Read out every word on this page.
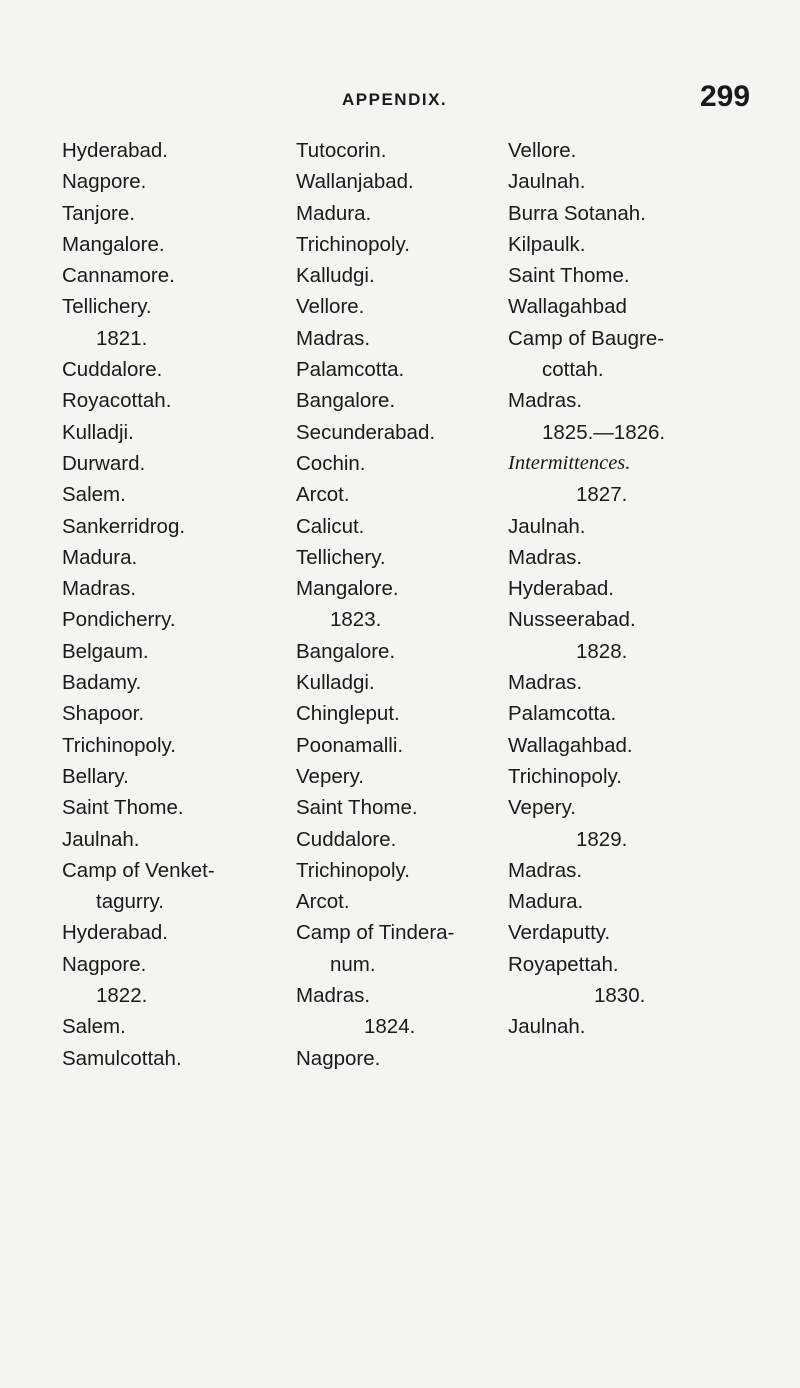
APPENDIX.	299
Hyderabad.
Nagpore.
Tanjore.
Mangalore.
Cannamore.
Tellichery.
1821.
Cuddalore.
Royacottah.
Kulladji.
Durward.
Salem.
Sankerridrog.
Madura.
Madras.
Pondicherry.
Belgaum.
Badamy.
Shapoor.
Trichinopoly.
Bellary.
Saint Thome.
Jaulnah.
Camp of Venket-
tagurry.
Hyderabad.
Nagpore.
1822.
Salem.
Samulcottah.
Tutocorin.
Wallanjabad.
Madura.
Trichinopoly.
Kalludgi.
Vellore.
Madras.
Palamcotta.
Bangalore.
Secunderabad.
Cochin.
Arcot.
Calicut.
Tellichery.
Mangalore.
1823.
Bangalore.
Kulladgi.
Chingleput.
Poonamalli.
Vepery.
Saint Thome.
Cuddalore.
Trichinopoly.
Arcot.
Camp of Tindera-
num.
Madras.
1824.
Nagpore.
Vellore.
Jaulnah.
Burra Sotanah.
Kilpaulk.
Saint Thome.
Wallagahbad
Camp of Baugre-
cottah.
Madras.
1825.—1826.
Intermittences.
1827.
Jaulnah.
Madras.
Hyderabad.
Nusseerabad.
1828.
Madras.
Palamcotta.
Wallagahbad.
Trichinopoly.
Vepery.
1829.
Madras.
Madura.
Verdaputty.
Royapettah.
1830.
Jaulnah.
